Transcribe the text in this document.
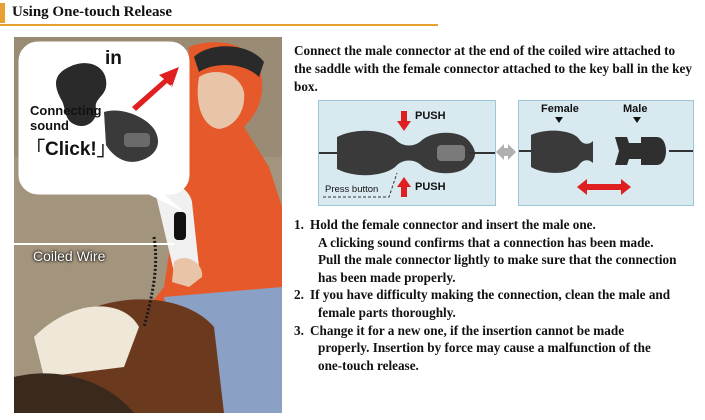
Using One-touch Release
in
Connecting
sound
「Click!」
Coiled Wire
Connect the male connector at the end of the coiled wire attached to the saddle with the female connector attached to the key ball in the key box.
PUSH
PUSH
Press button
Female	Male
1. Hold the female connector and insert the male one.
A clicking sound confirms that a connection has been made.
Pull the male connector lightly to make sure that the connection
has been made properly.
2. If you have difficulty making the connection, clean the male and
female parts thoroughly.
3. Change it for a new one, if the insertion cannot be made
properly. Insertion by force may cause a malfunction of the
one-touch release.
